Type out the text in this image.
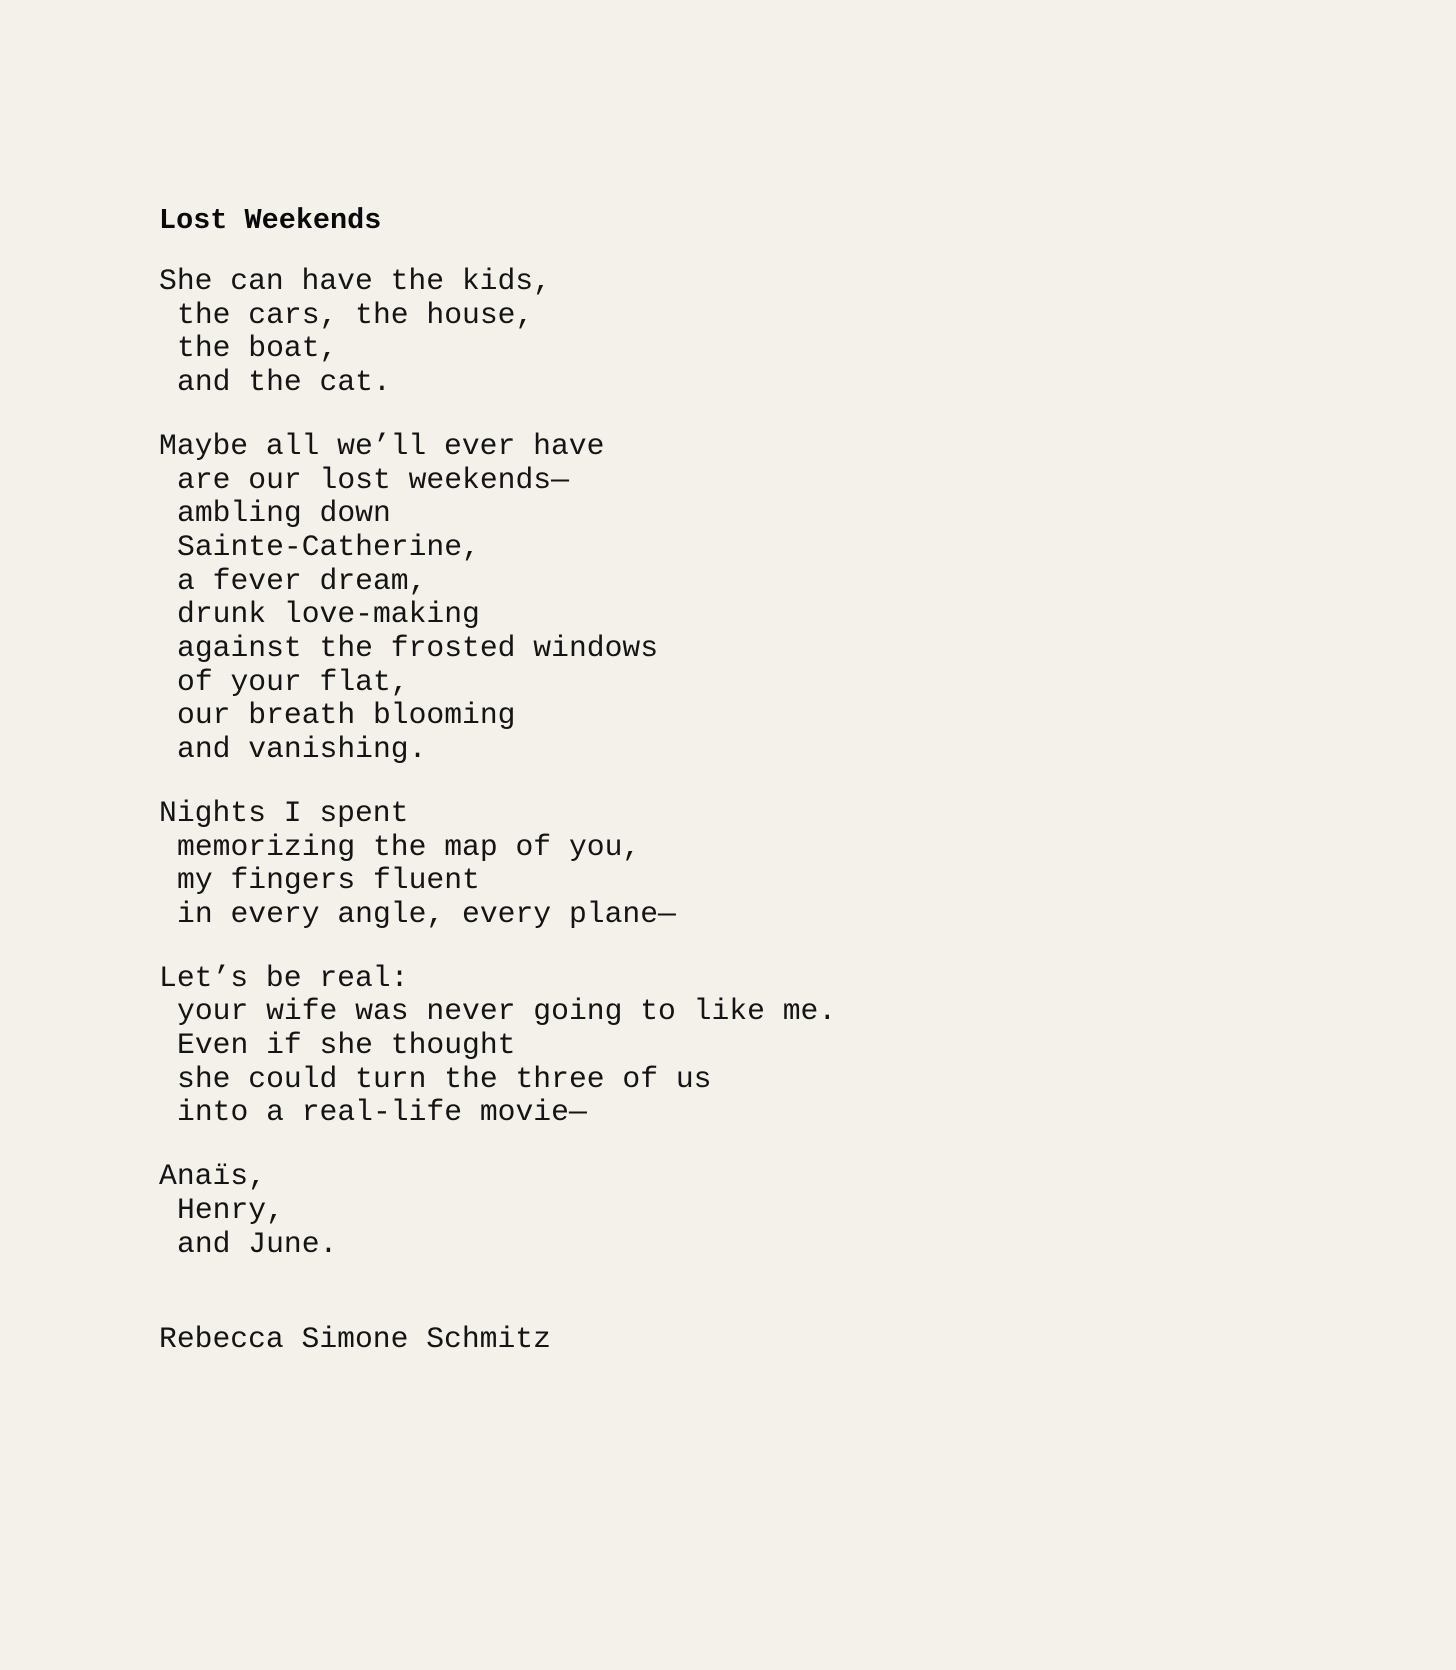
Lost Weekends
She can have the kids,
the cars, the house,
the boat,
and the cat.
Maybe all we’ll ever have
are our lost weekends—
ambling down
Sainte-Catherine,
a fever dream,
drunk love-making
against the frosted windows
of your flat,
our breath blooming
and vanishing.
Nights I spent
memorizing the map of you,
my fingers fluent
in every angle, every plane—
Let’s be real:
your wife was never going to like me.
Even if she thought
she could turn the three of us
into a real-life movie—
Anaïs,
Henry,
and June.
Rebecca Simone Schmitz
